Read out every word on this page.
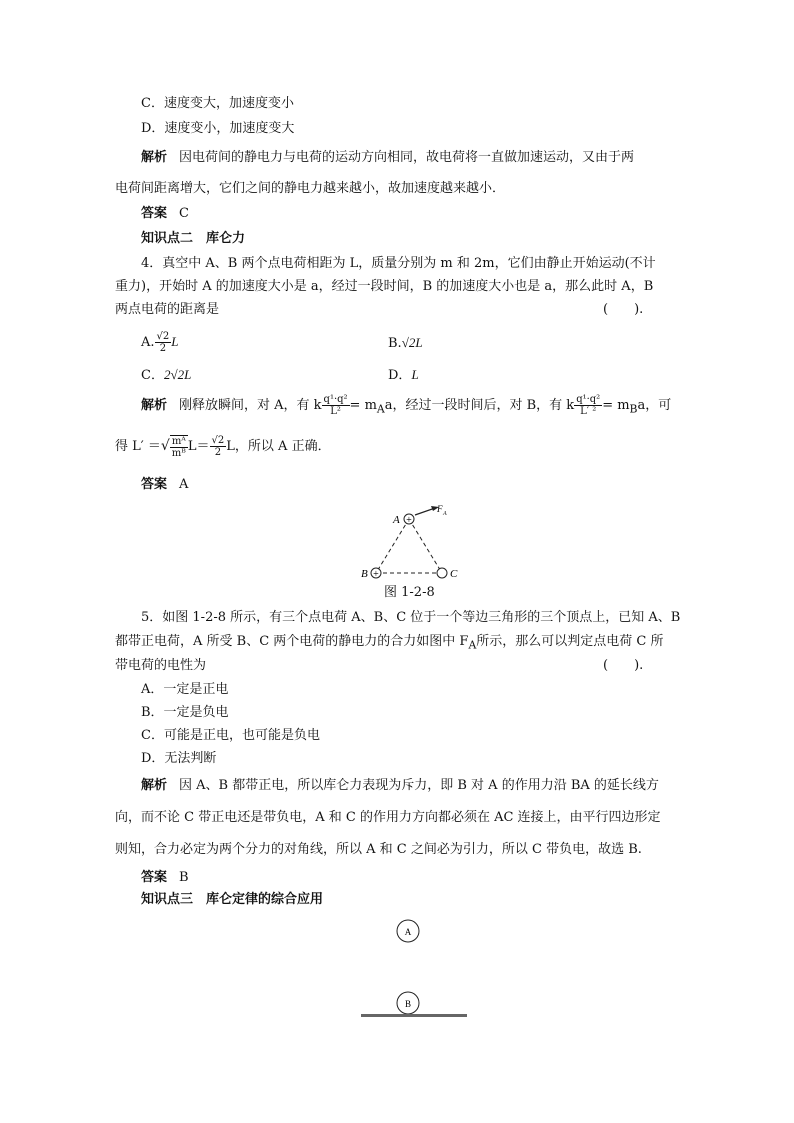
C．速度变大，加速度变小
D．速度变小，加速度变大
解析 因电荷间的静电力与电荷的运动方向相同，故电荷将一直做加速运动，又由于两
电荷间距离增大，它们之间的静电力越来越小，故加速度越来越小．
答案 C
知识点二　库仑力
4．真空中 A、B 两个点电荷相距为 L，质量分别为 m 和 2m，它们由静止开始运动(不计
重力)，开始时 A 的加速度大小是 a，经过一段时间，B 的加速度大小也是 a，那么此时 A，B
两点电荷的距离是	(　　).
A. $\frac{√2}{2}$ L	B.√2L
C．2√2L	D．L
解析 刚释放瞬间，对 A，有 k $\frac{\text{q¹·q²}}{\text{L²}} = m_Aa$，经过一段时间后，对 B，有 k $\frac{\text{q¹·q²}}{\text{L′ ²}} = m_Ba$，可
得 L′ ＝√ $\frac{\text{mᴬ}}{\text{mᴮ}} L= \frac{√2}{2}$ L，所以 A 正确．
答案 A
+
+
A
B	C
F A
图 1-2-8
5．如图 1-2-8 所示，有三个点电荷 A、B、C 位于一个等边三角形的三个顶点上，已知 A、B
都带正电荷，A 所受 B、C 两个电荷的静电力的合力如图中 $F_A$所示，那么可以判定点电荷 C 所
带电荷的电性为	(　　).
A．一定是正电
B．一定是负电
C．可能是正电，也可能是负电
D．无法判断
解析 因 A、B 都带正电，所以库仑力表现为斥力，即 B 对 A 的作用力沿 BA 的延长线方
向，而不论 C 带正电还是带负电，A 和 C 的作用力方向都必须在 AC 连接上，由平行四边形定
则知，合力必定为两个分力的对角线，所以 A 和 C 之间必为引力，所以 C 带负电，故选 B.
答案 B
知识点三　库仑定律的综合应用
A
B
